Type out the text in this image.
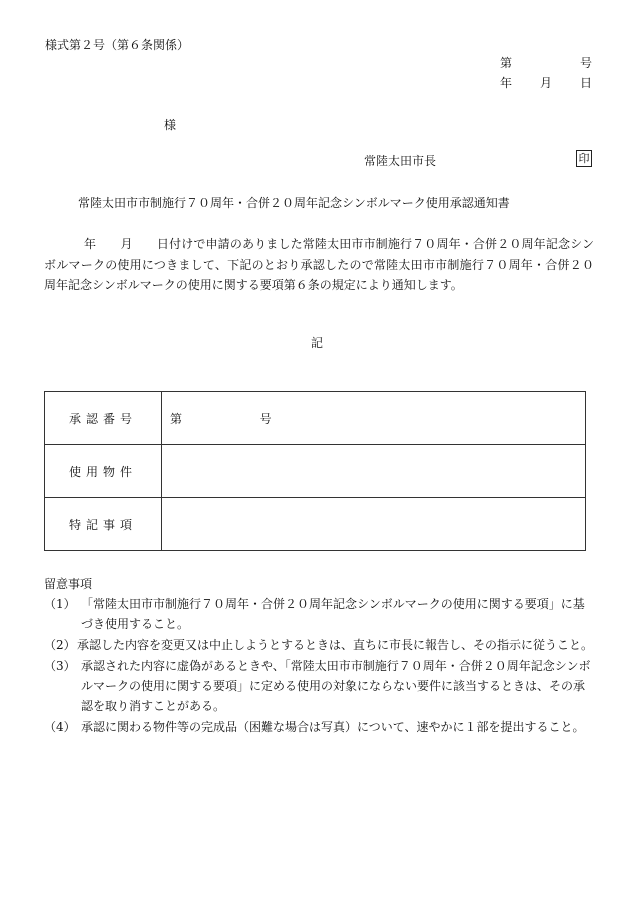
様式第２号（第６条関係）
第	号
年 月 日
様
常陸太田市長	印
常陸太田市市制施行７０周年・合併２０周年記念シンボルマーク使用承認通知書
年　　月　　日付けで申請のありました常陸太田市市制施行７０周年・合併２０周年記念シンボルマークの使用につきまして、下記のとおり承認したので常陸太田市市制施行７０周年・合併２０周年記念シンボルマークの使用に関する要項第６条の規定により通知します。
記
承認番号	第 号
使用物件	
特記事項	
留意事項
（1） 「常陸太田市市制施行７０周年・合併２０周年記念シンボルマークの使用に関する要項」に基づき使用すること。
（2） 承認した内容を変更又は中止しようとするときは、直ちに市長に報告し、その指示に従うこと。
（3） 承認された内容に虚偽があるときや、「常陸太田市市制施行７０周年・合併２０周年記念シンボルマークの使用に関する要項」に定める使用の対象にならない要件に該当するときは、その承認を取り消すことがある。
（4） 承認に関わる物件等の完成品（困難な場合は写真）について、速やかに１部を提出すること。
